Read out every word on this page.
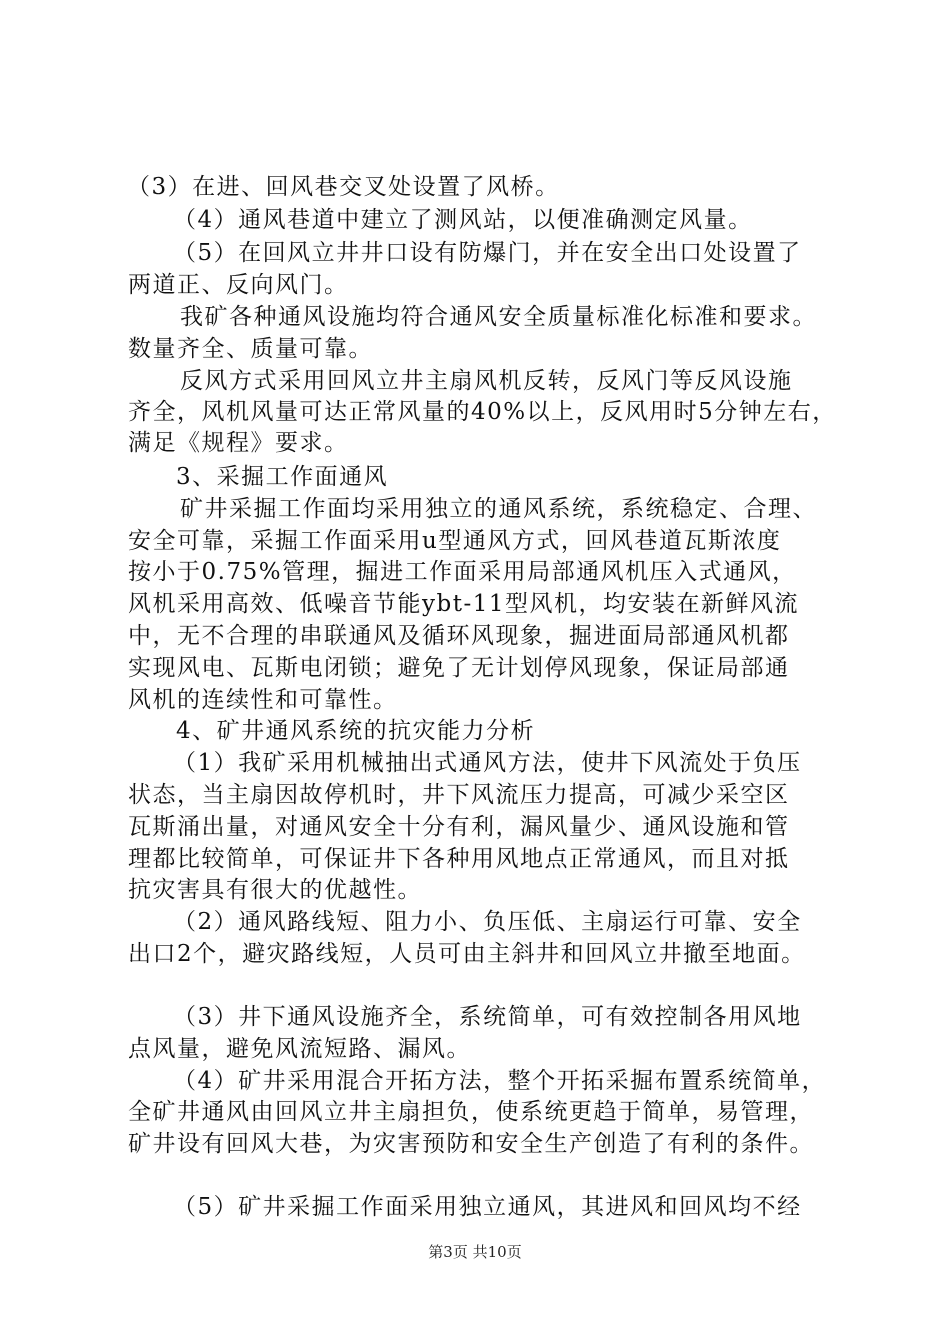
（3）在进、回风巷交叉处设置了风桥。
（4）通风巷道中建立了测风站，以便准确测定风量。
（5）在回风立井井口设有防爆门，并在安全出口处设置了
两道正、反向风门。
我矿各种通风设施均符合通风安全质量标准化标准和要求。
数量齐全、质量可靠。
反风方式采用回风立井主扇风机反转，反风门等反风设施
齐全，风机风量可达正常风量的40%以上，反风用时5分钟左右，
满足《规程》要求。
3、采掘工作面通风
矿井采掘工作面均采用独立的通风系统，系统稳定、合理、
安全可靠，采掘工作面采用u型通风方式，回风巷道瓦斯浓度
按小于0.75%管理，掘进工作面采用局部通风机压入式通风，
风机采用高效、低噪音节能ybt-11型风机，均安装在新鲜风流
中，无不合理的串联通风及循环风现象，掘进面局部通风机都
实现风电、瓦斯电闭锁；避免了无计划停风现象，保证局部通
风机的连续性和可靠性。
4、矿井通风系统的抗灾能力分析
（1）我矿采用机械抽出式通风方法，使井下风流处于负压
状态，当主扇因故停机时，井下风流压力提高，可减少采空区
瓦斯涌出量，对通风安全十分有利，漏风量少、通风设施和管
理都比较简单，可保证井下各种用风地点正常通风，而且对抵
抗灾害具有很大的优越性。
（2）通风路线短、阻力小、负压低、主扇运行可靠、安全
出口2个，避灾路线短，人员可由主斜井和回风立井撤至地面。
（3）井下通风设施齐全，系统简单，可有效控制各用风地
点风量，避免风流短路、漏风。
（4）矿井采用混合开拓方法，整个开拓采掘布置系统简单，
全矿井通风由回风立井主扇担负，使系统更趋于简单，易管理，
矿井设有回风大巷，为灾害预防和安全生产创造了有利的条件。
（5）矿井采掘工作面采用独立通风，其进风和回风均不经
第3页 共10页
